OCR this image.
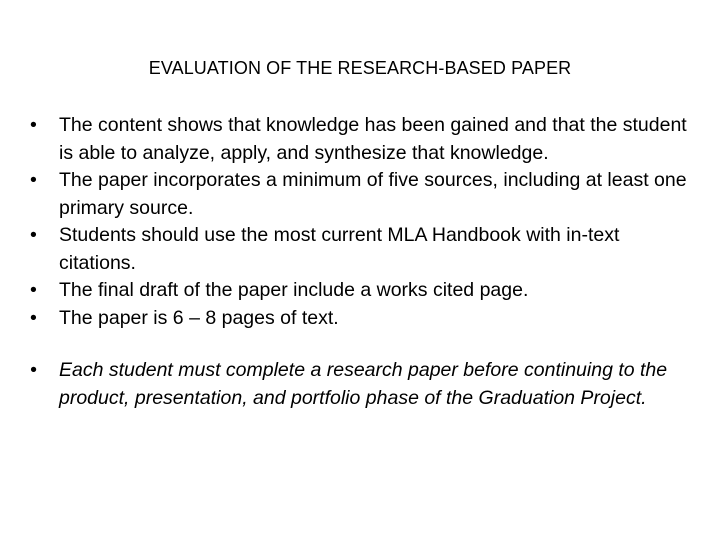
EVALUATION OF THE RESEARCH-BASED PAPER
• The content shows that knowledge has been gained and that the student is able to analyze, apply, and synthesize that knowledge.
• The paper incorporates a minimum of five sources, including at least one primary source.
• Students should use the most current MLA Handbook with in-text citations.
• The final draft of the paper include a works cited page.
• The paper is 6 – 8 pages of text.
• Each student must complete a research paper before continuing to the product, presentation, and portfolio phase of the Graduation Project.
